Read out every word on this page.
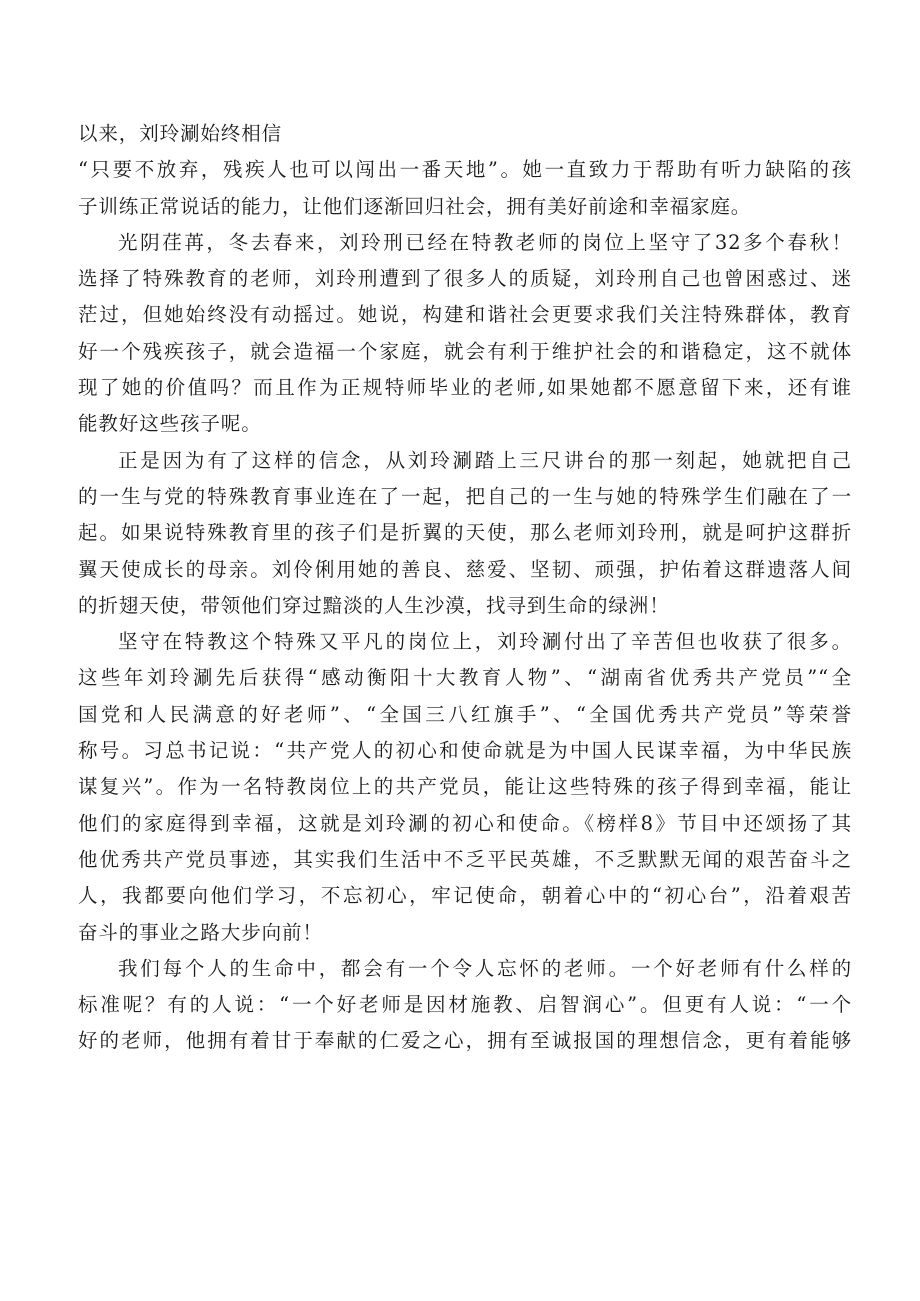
以来，刘玲涮始终相信
“只要不放弃，残疾人也可以闯出一番天地”。她一直致力于帮助有听力缺陷的孩
子训练正常说话的能力，让他们逐渐回归社会，拥有美好前途和幸福家庭。
光阴荏苒，冬去春来，刘玲刑已经在特教老师的岗位上坚守了32多个春秋！
选择了特殊教育的老师，刘玲刑遭到了很多人的质疑，刘玲刑自己也曾困惑过、迷
茫过，但她始终没有动摇过。她说，构建和谐社会更要求我们关注特殊群体，教育
好一个残疾孩子，就会造福一个家庭，就会有利于维护社会的和谐稳定，这不就体
现了她的价值吗？而且作为正规特师毕业的老师,如果她都不愿意留下来，还有谁
能教好这些孩子呢。
正是因为有了这样的信念，从刘玲涮踏上三尺讲台的那一刻起，她就把自己
的一生与党的特殊教育事业连在了一起，把自己的一生与她的特殊学生们融在了一
起。如果说特殊教育里的孩子们是折翼的天使，那么老师刘玲刑，就是呵护这群折
翼天使成长的母亲。刘伶俐用她的善良、慈爱、坚韧、顽强，护佑着这群遗落人间
的折翅天使，带领他们穿过黯淡的人生沙漠，找寻到生命的绿洲！
坚守在特教这个特殊又平凡的岗位上，刘玲涮付出了辛苦但也收获了很多。
这些年刘玲涮先后获得“感动衡阳十大教育人物”、“湖南省优秀共产党员”“全
国党和人民满意的好老师”、“全国三八红旗手”、“全国优秀共产党员”等荣誉
称号。习总书记说：“共产党人的初心和使命就是为中国人民谋幸福，为中华民族
谋复兴”。作为一名特教岗位上的共产党员，能让这些特殊的孩子得到幸福，能让
他们的家庭得到幸福，这就是刘玲涮的初心和使命。《榜样8》节目中还颂扬了其
他优秀共产党员事迹，其实我们生活中不乏平民英雄，不乏默默无闻的艰苦奋斗之
人，我都要向他们学习，不忘初心，牢记使命，朝着心中的“初心台”，沿着艰苦
奋斗的事业之路大步向前！
我们每个人的生命中，都会有一个令人忘怀的老师。一个好老师有什么样的
标准呢？有的人说：“一个好老师是因材施教、启智润心”。但更有人说：“一个
好的老师，他拥有着甘于奉献的仁爱之心，拥有至诚报国的理想信念，更有着能够
